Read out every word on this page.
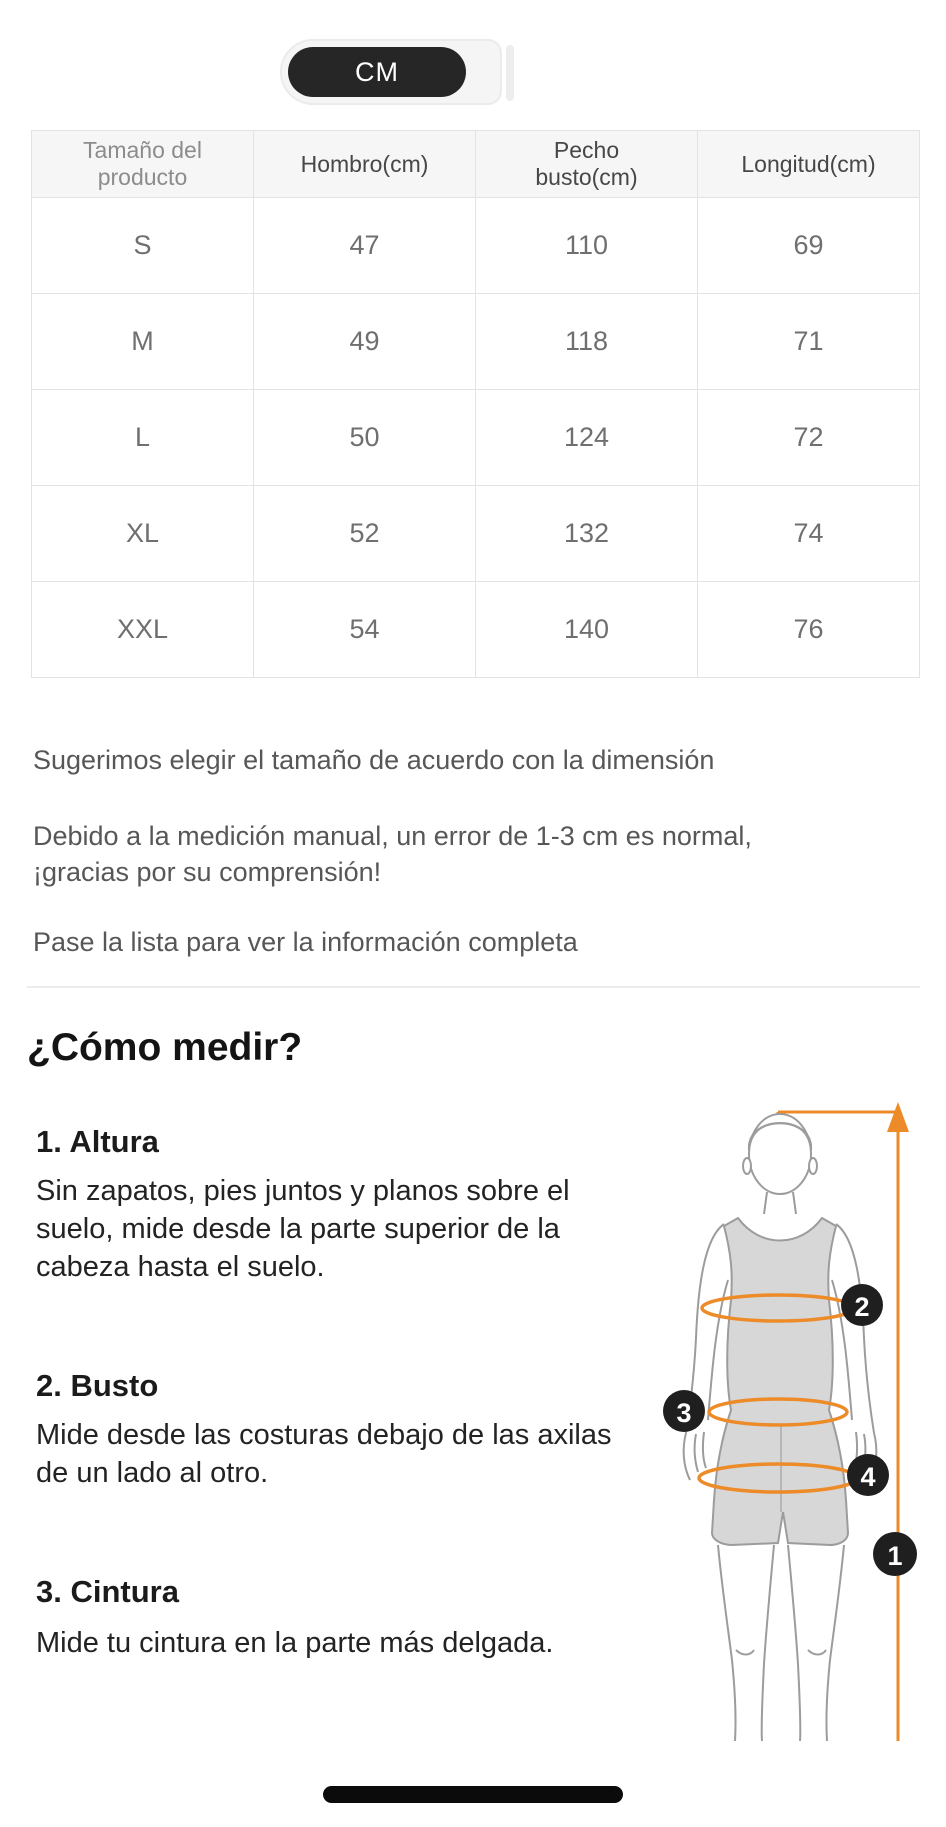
CM
Tamaño del producto	Hombro(cm)	Pecho busto(cm)	Longitud(cm)
S	47	110	69
M	49	118	71
L	50	124	72
XL	52	132	74
XXL	54	140	76

Sugerimos elegir el tamaño de acuerdo con la dimensión

Debido a la medición manual, un error de 1-3 cm es normal, ¡gracias por su comprensión!

Pase la lista para ver la información completa

¿Cómo medir?
1. Altura

Sin zapatos, pies juntos y planos sobre el suelo, mide desde la parte superior de la cabeza hasta el suelo.

2. Busto

Mide desde las costuras debajo de las axilas de un lado al otro.

3. Cintura

Mide tu cintura en la parte más delgada.

2
3
4
1
